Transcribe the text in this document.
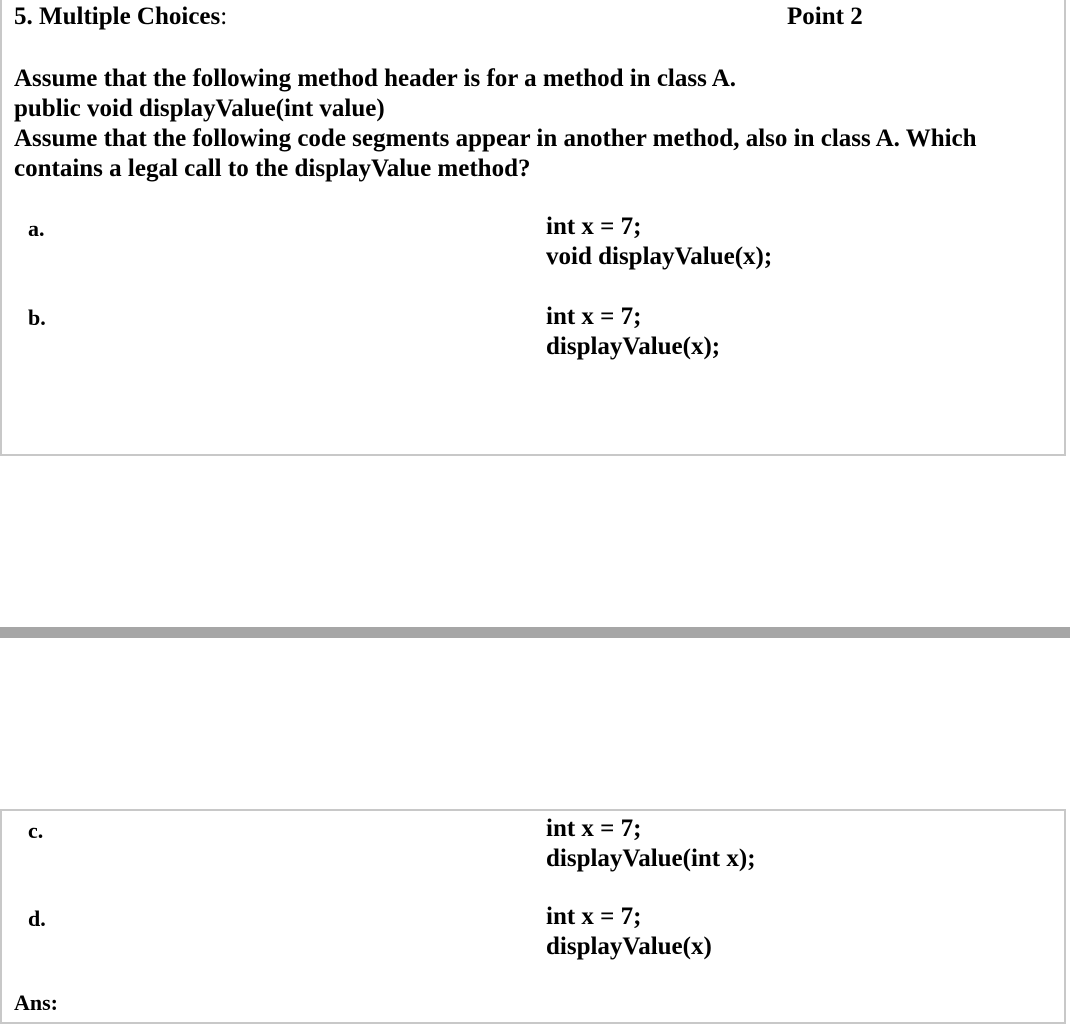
5. Multiple Choices:	Point 2

Assume that the following method header is for a method in class A.

public void displayValue(int value)

Assume that the following code segments appear in another method, also in class A. Which contains a legal call to the displayValue method?

a.	int x = 7;
void displayValue(x);
b.	int x = 7;
displayValue(x);
c.	int x = 7;
displayValue(int x);
d.	int x = 7;
displayValue(x)
Ans:
